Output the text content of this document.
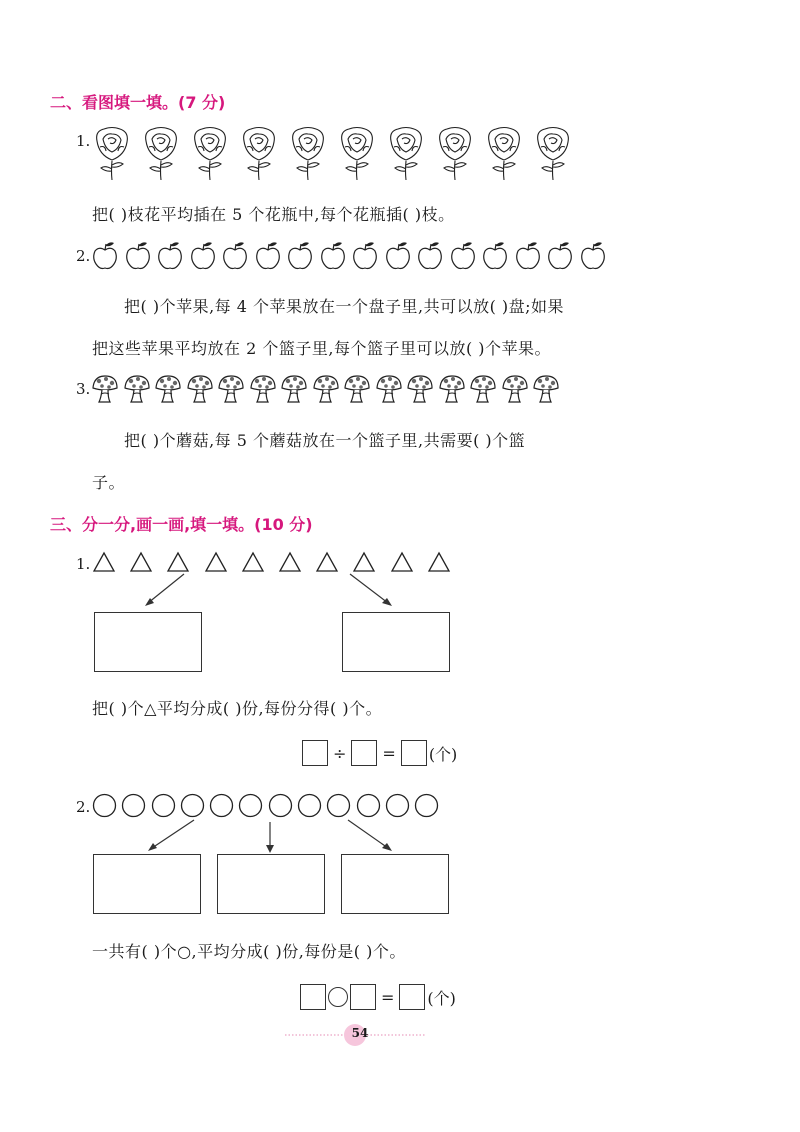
二、看图填一填。(7 分)
1.
把( )枝花平均插在 5 个花瓶中,每个花瓶插( )枝。
2.
把( )个苹果,每 4 个苹果放在一个盘子里,共可以放( )盘;如果
把这些苹果平均放在 2 个篮子里,每个篮子里可以放( )个苹果。
3.
把( )个蘑菇,每 5 个蘑菇放在一个篮子里,共需要( )个篮
子。
三、分一分,画一画,填一填。(10 分)
1.
把( )个△平均分成( )份,每份分得( )个。
÷ = (个)
2.
一共有( )个○,平均分成( )份,每份是( )个。
= (个)
54
